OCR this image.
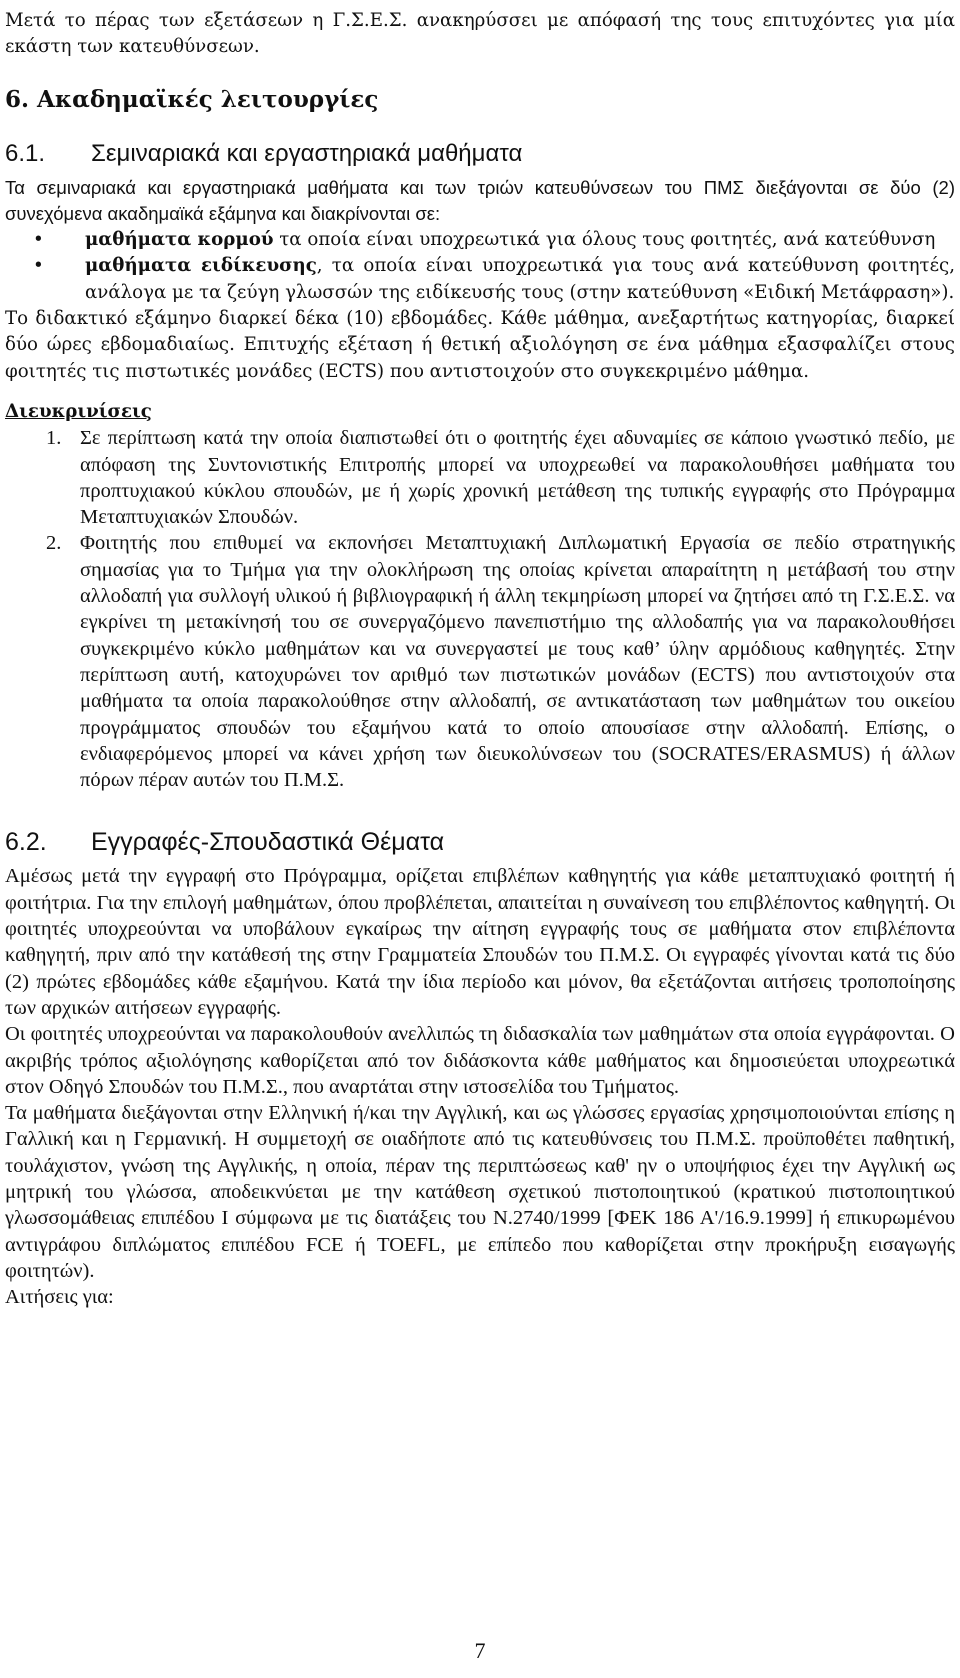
Μετά το πέρας των εξετάσεων η Γ.Σ.Ε.Σ. ανακηρύσσει με απόφασή της τους επιτυχόντες για μία εκάστη των κατευθύνσεων.

6. Ακαδημαϊκές λειτουργίες

6.1. Σεμιναριακά και εργαστηριακά μαθήματα

Τα σεμιναριακά και εργαστηριακά μαθήματα και των τριών κατευθύνσεων του ΠΜΣ διεξάγονται σε δύο (2) συνεχόμενα ακαδημαϊκά εξάμηνα και διακρίνονται σε:

• μαθήματα κορμού τα οποία είναι υποχρεωτικά για όλους τους φοιτητές, ανά κατεύθυνση
• μαθήματα ειδίκευσης, τα οποία είναι υποχρεωτικά για τους ανά κατεύθυνση φοιτητές, ανάλογα με τα ζεύγη γλωσσών της ειδίκευσής τους (στην κατεύθυνση «Ειδική Μετάφραση»).

Το διδακτικό εξάμηνο διαρκεί δέκα (10) εβδομάδες. Κάθε μάθημα, ανεξαρτήτως κατηγορίας, διαρκεί δύο ώρες εβδομαδιαίως. Επιτυχής εξέταση ή θετική αξιολόγηση σε ένα μάθημα εξασφαλίζει στους φοιτητές τις πιστωτικές μονάδες (ECTS) που αντιστοιχούν στο συγκεκριμένο μάθημα.

Διευκρινίσεις

1. Σε περίπτωση κατά την οποία διαπιστωθεί ότι ο φοιτητής έχει αδυναμίες σε κάποιο γνωστικό πεδίο, με απόφαση της Συντονιστικής Επιτροπής μπορεί να υποχρεωθεί να παρακολουθήσει μαθήματα του προπτυχιακού κύκλου σπουδών, με ή χωρίς χρονική μετάθεση της τυπικής εγγραφής στο Πρόγραμμα Μεταπτυχιακών Σπουδών.
2. Φοιτητής που επιθυμεί να εκπονήσει Μεταπτυχιακή Διπλωματική Εργασία σε πεδίο στρατηγικής σημασίας για το Τμήμα για την ολοκλήρωση της οποίας κρίνεται απαραίτητη η μετάβασή του στην αλλοδαπή για συλλογή υλικού ή βιβλιογραφική ή άλλη τεκμηρίωση μπορεί να ζητήσει από τη Γ.Σ.Ε.Σ. να εγκρίνει τη μετακίνησή του σε συνεργαζόμενο πανεπιστήμιο της αλλοδαπής για να παρακολουθήσει συγκεκριμένο κύκλο μαθημάτων και να συνεργαστεί με τους καθ’ ύλην αρμόδιους καθηγητές. Στην περίπτωση αυτή, κατοχυρώνει τον αριθμό των πιστωτικών μονάδων (ECTS) που αντιστοιχούν στα μαθήματα τα οποία παρακολούθησε στην αλλοδαπή, σε αντικατάσταση των μαθημάτων του οικείου προγράμματος σπουδών του εξαμήνου κατά το οποίο απουσίασε στην αλλοδαπή. Επίσης, ο ενδιαφερόμενος μπορεί να κάνει χρήση των διευκολύνσεων του (SOCRATES/ERASMUS) ή άλλων πόρων πέραν αυτών του Π.Μ.Σ.

6.2. Εγγραφές-Σπουδαστικά Θέματα

Αμέσως μετά την εγγραφή στο Πρόγραμμα, ορίζεται επιβλέπων καθηγητής για κάθε μεταπτυχιακό φοιτητή ή φοιτήτρια. Για την επιλογή μαθημάτων, όπου προβλέπεται, απαιτείται η συναίνεση του επιβλέποντος καθηγητή. Οι φοιτητές υποχρεούνται να υποβάλουν εγκαίρως την αίτηση εγγραφής τους σε μαθήματα στον επιβλέποντα καθηγητή, πριν από την κατάθεσή της στην Γραμματεία Σπουδών του Π.Μ.Σ. Οι εγγραφές γίνονται κατά τις δύο (2) πρώτες εβδομάδες κάθε εξαμήνου. Κατά την ίδια περίοδο και μόνον, θα εξετάζονται αιτήσεις τροποποίησης των αρχικών αιτήσεων εγγραφής.

Οι φοιτητές υποχρεούνται να παρακολουθούν ανελλιπώς τη διδασκαλία των μαθημάτων στα οποία εγγράφονται. Ο ακριβής τρόπος αξιολόγησης καθορίζεται από τον διδάσκοντα κάθε μαθήματος και δημοσιεύεται υποχρεωτικά στον Οδηγό Σπουδών του Π.Μ.Σ., που αναρτάται στην ιστοσελίδα του Τμήματος.

Τα μαθήματα διεξάγονται στην Ελληνική ή/και την Αγγλική, και ως γλώσσες εργασίας χρησιμοποιούνται επίσης η Γαλλική και η Γερμανική. Η συμμετοχή σε οιαδήποτε από τις κατευθύνσεις του Π.Μ.Σ. προϋποθέτει παθητική, τουλάχιστον, γνώση της Αγγλικής, η οποία, πέραν της περιπτώσεως καθ' ην ο υποψήφιος έχει την Αγγλική ως μητρική του γλώσσα, αποδεικνύεται με την κατάθεση σχετικού πιστοποιητικού (κρατικού πιστοποιητικού γλωσσομάθειας επιπέδου Ι σύμφωνα με τις διατάξεις του Ν.2740/1999 [ΦΕΚ 186 Α'/16.9.1999] ή επικυρωμένου αντιγράφου διπλώματος επιπέδου FCE ή TOEFL, με επίπεδο που καθορίζεται στην προκήρυξη εισαγωγής φοιτητών).

Αιτήσεις για:

7
